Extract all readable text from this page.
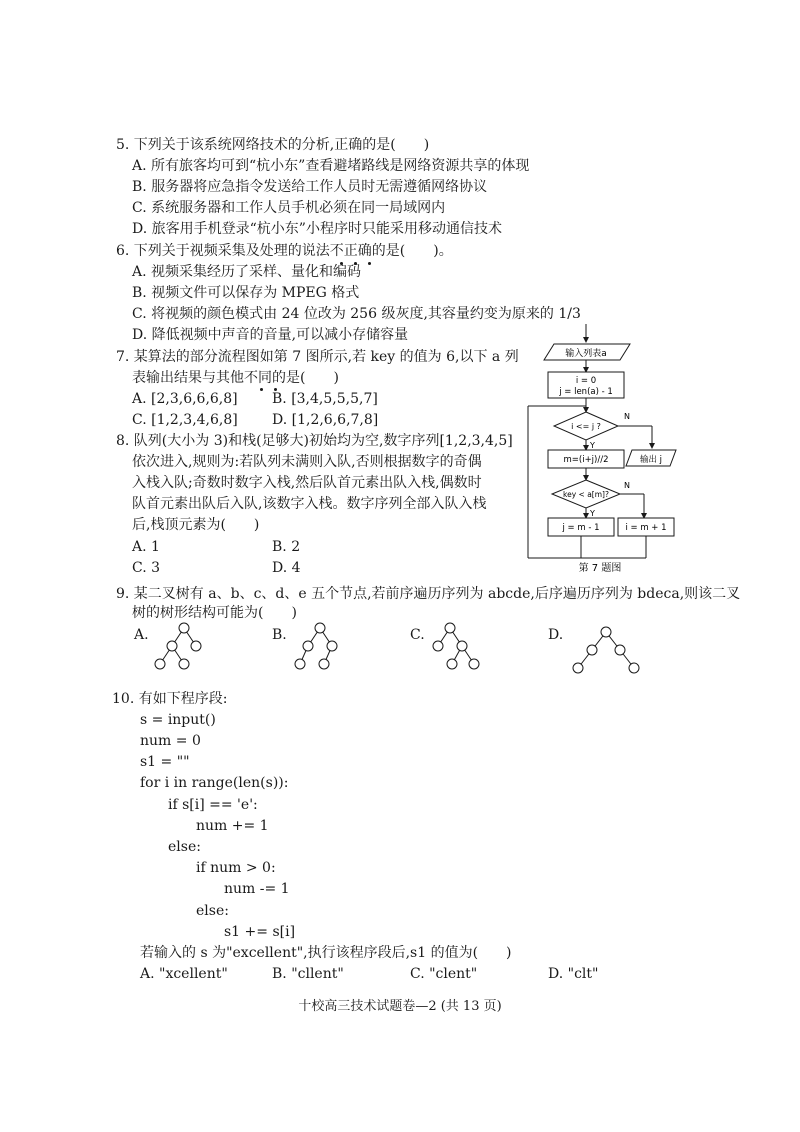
5. 下列关于该系统网络技术的分析,正确的是(　　)
A. 所有旅客均可到“杭小东”查看避堵路线是网络资源共享的体现
B. 服务器将应急指令发送给工作人员时无需遵循网络协议
C. 系统服务器和工作人员手机必须在同一局域网内
D. 旅客用手机登录“杭小东”小程序时只能采用移动通信技术
6. 下列关于视频采集及处理的说法不正确的是(　　)。
A. 视频采集经历了采样、量化和编码
B. 视频文件可以保存为 MPEG 格式
C. 将视频的颜色模式由 24 位改为 256 级灰度,其容量约变为原来的 1/3
D. 降低视频中声音的音量,可以减小存储容量
7. 某算法的部分流程图如第 7 图所示,若 key 的值为 6,以下 a 列
表输出结果与其他不同的是(　　)
A. [2,3,6,6,6,8] B. [3,4,5,5,5,7]
C. [1,2,3,4,6,8] D. [1,2,6,6,7,8]
8. 队列(大小为 3)和栈(足够大)初始均为空,数字序列[1,2,3,4,5]
依次进入,规则为:若队列未满则入队,否则根据数字的奇偶
入栈入队;奇数时数字入栈,然后队首元素出队入栈,偶数时
队首元素出队后入队,该数字入栈。数字序列全部入队入栈
后,栈顶元素为(　　)
A. 1	B. 2
C. 3	D. 4
输入列表a
i = 0
j = len(a) - 1
i <= j ?
N
输出 j
Y
m=(i+j)//2
key < a[m]?
N
Y
j = m - 1	i = m + 1
第 7 题图
9. 某二叉树有 a、b、c、d、e 五个节点,若前序遍历序列为 abcde,后序遍历序列为 bdeca,则该二叉
树的树形结构可能为(　　)
A.	B.	C.	D.
10. 有如下程序段:
s = input()
num = 0
s1 = ""
for i in range(len(s)):
if s[i] == 'e':
num += 1
else:
if num > 0:
num -= 1
else:
s1 += s[i]
若输入的 s 为"excellent",执行该程序段后,s1 的值为(　　)
A. "xcellent"	B. "cllent"	C. "clent"	D. "clt"
十校高三技术试题卷—2 (共 13 页)
